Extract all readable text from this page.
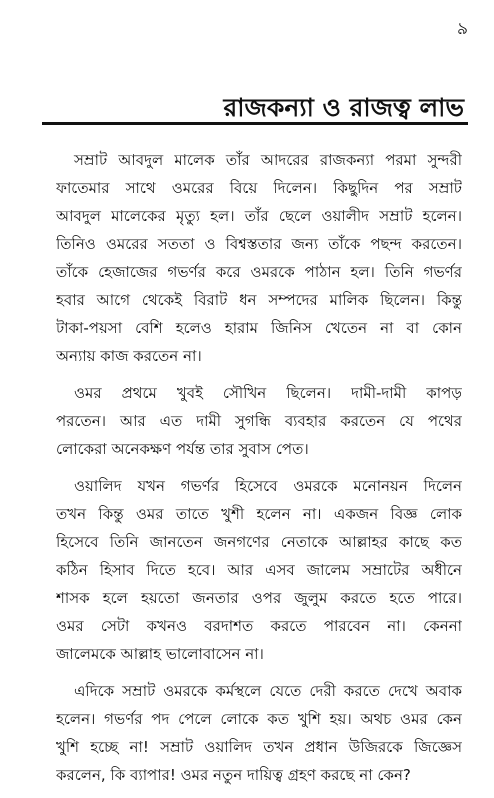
৯
রাজকন্যা ও রাজত্ব লাভ
সম্রাট আবদুল মালেক তাঁর আদরের রাজকন্যা পরমা সুন্দরী
ফাতেমার সাথে ওমরের বিয়ে দিলেন। কিছুদিন পর সম্রাট
আবদুল মালেকের মৃত্যু হল। তাঁর ছেলে ওয়ালীদ সম্রাট হলেন।
তিনিও ওমরের সততা ও বিশ্বস্ততার জন্য তাঁকে পছন্দ করতেন।
তাঁকে হেজাজের গভর্ণর করে ওমরকে পাঠান হল। তিনি গভর্ণর
হবার আগে থেকেই বিরাট ধন সম্পদের মালিক ছিলেন। কিন্তু
টাকা-পয়সা বেশি হলেও হারাম জিনিস খেতেন না বা কোন
অন্যায় কাজ করতেন না।
ওমর প্রথমে খুবই সৌখিন ছিলেন। দামী-দামী কাপড়
পরতেন। আর এত দামী সুগন্ধি ব্যবহার করতেন যে পথের
লোকেরা অনেকক্ষণ পর্যন্ত তার সুবাস পেত।
ওয়ালিদ যখন গভর্ণর হিসেবে ওমরকে মনোনয়ন দিলেন
তখন কিন্তু ওমর তাতে খুশী হলেন না। একজন বিজ্ঞ লোক
হিসেবে তিনি জানতেন জনগণের নেতাকে আল্লাহর কাছে কত
কঠিন হিসাব দিতে হবে। আর এসব জালেম সম্রাটের অধীনে
শাসক হলে হয়তো জনতার ওপর জুলুম করতে হতে পারে।
ওমর সেটা কখনও বরদাশত করতে পারবেন না। কেননা
জালেমকে আল্লাহ ভালোবাসেন না।
এদিকে সম্রাট ওমরকে কর্মস্থলে যেতে দেরী করতে দেখে অবাক
হলেন। গভর্ণর পদ পেলে লোকে কত খুশি হয়। অথচ ওমর কেন
খুশি হচ্ছে না! সম্রাট ওয়ালিদ তখন প্রধান উজিরকে জিজ্ঞেস
করলেন, কি ব্যাপার! ওমর নতুন দায়িত্ব গ্রহণ করছে না কেন?
